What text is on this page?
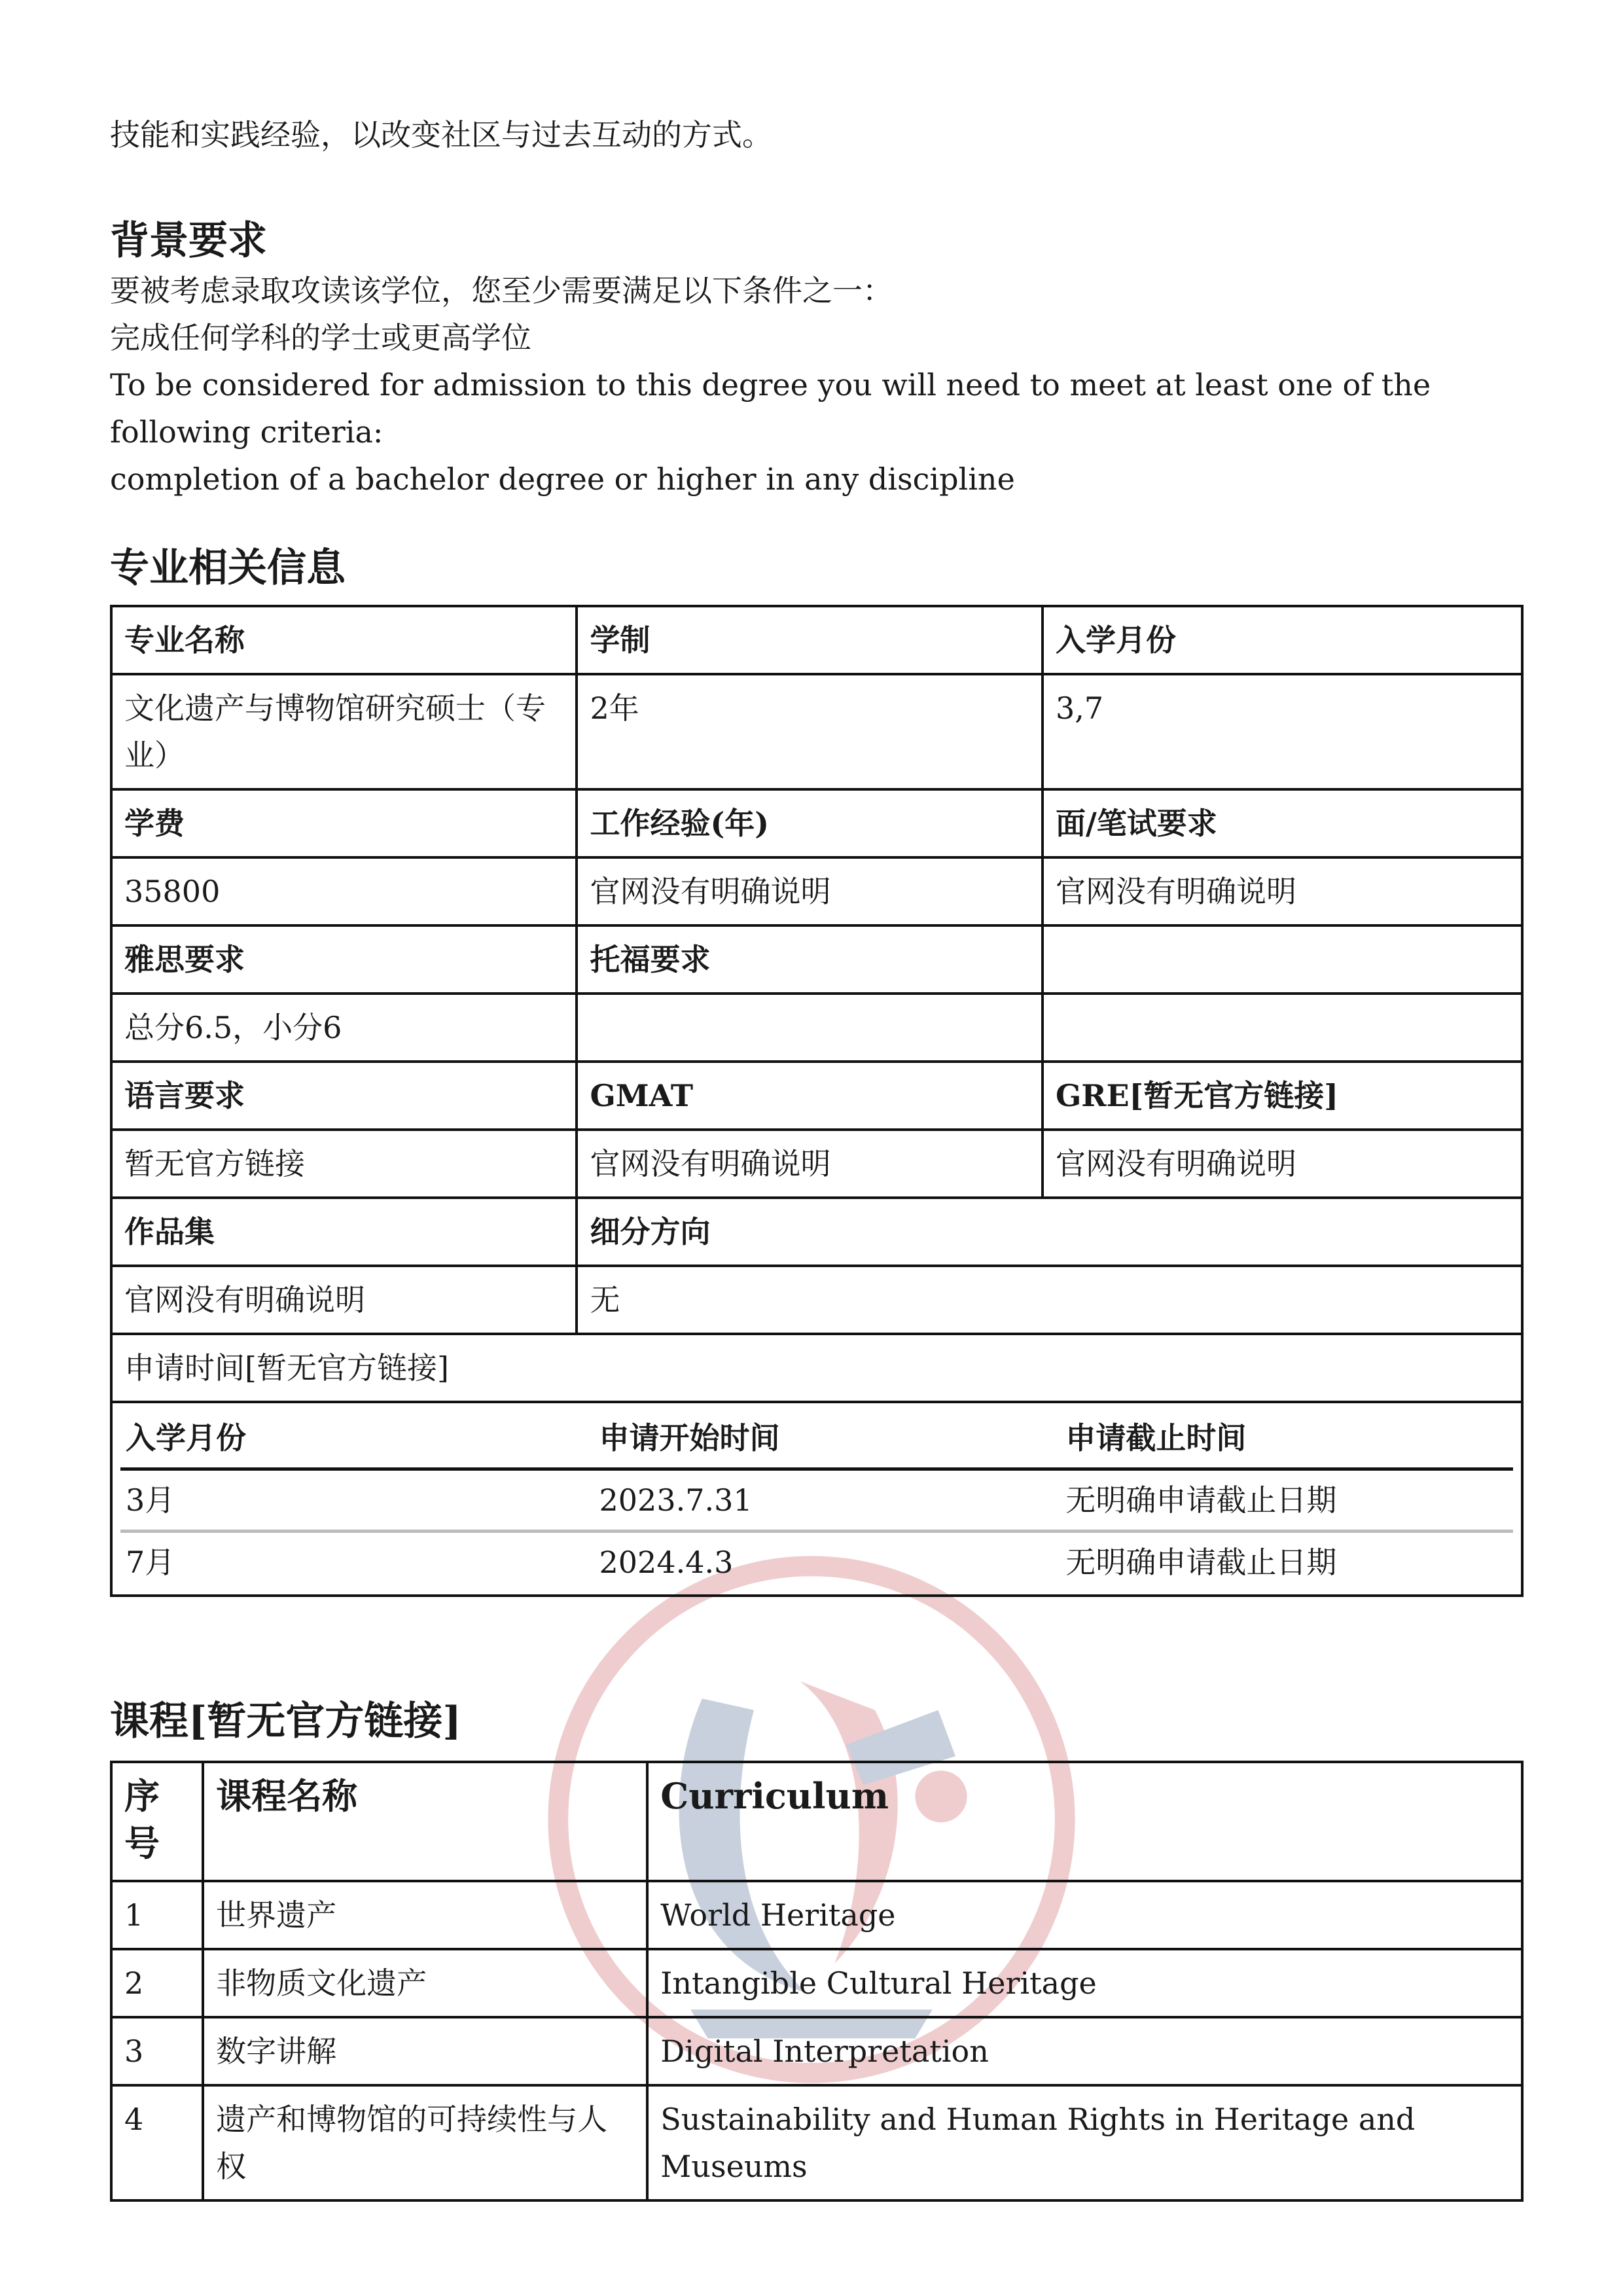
技能和实践经验，以改变社区与过去互动的方式。

背景要求

要被考虑录取攻读该学位，您至少需要满足以下条件之一：

完成任何学科的学士或更高学位

To be considered for admission to this degree you will need to meet at least one of the following criteria:

completion of a bachelor degree or higher in any discipline

专业相关信息
专业名称	学制	入学月份
文化遗产与博物馆研究硕士（专业）	2年	3,7
学费	工作经验(年)	面/笔试要求
35800	官网没有明确说明	官网没有明确说明
雅思要求	托福要求	
总分6.5，小分6		
语言要求	GMAT	GRE[暂无官方链接]
暂无官方链接	官网没有明确说明	官网没有明确说明
作品集	细分方向
官网没有明确说明	无
申请时间[暂无官方链接]

入学月份	申请开始时间	申请截止时间
3月	2023.7.31	无明确申请截止日期
7月	2024.4.3	无明确申请截止日期
课程[暂无官方链接]
序号	课程名称	Curriculum
1	世界遗产	World Heritage
2	非物质文化遗产	Intangible Cultural Heritage
3	数字讲解	Digital Interpretation
4	遗产和博物馆的可持续性与人权	Sustainability and Human Rights in Heritage and Museums
